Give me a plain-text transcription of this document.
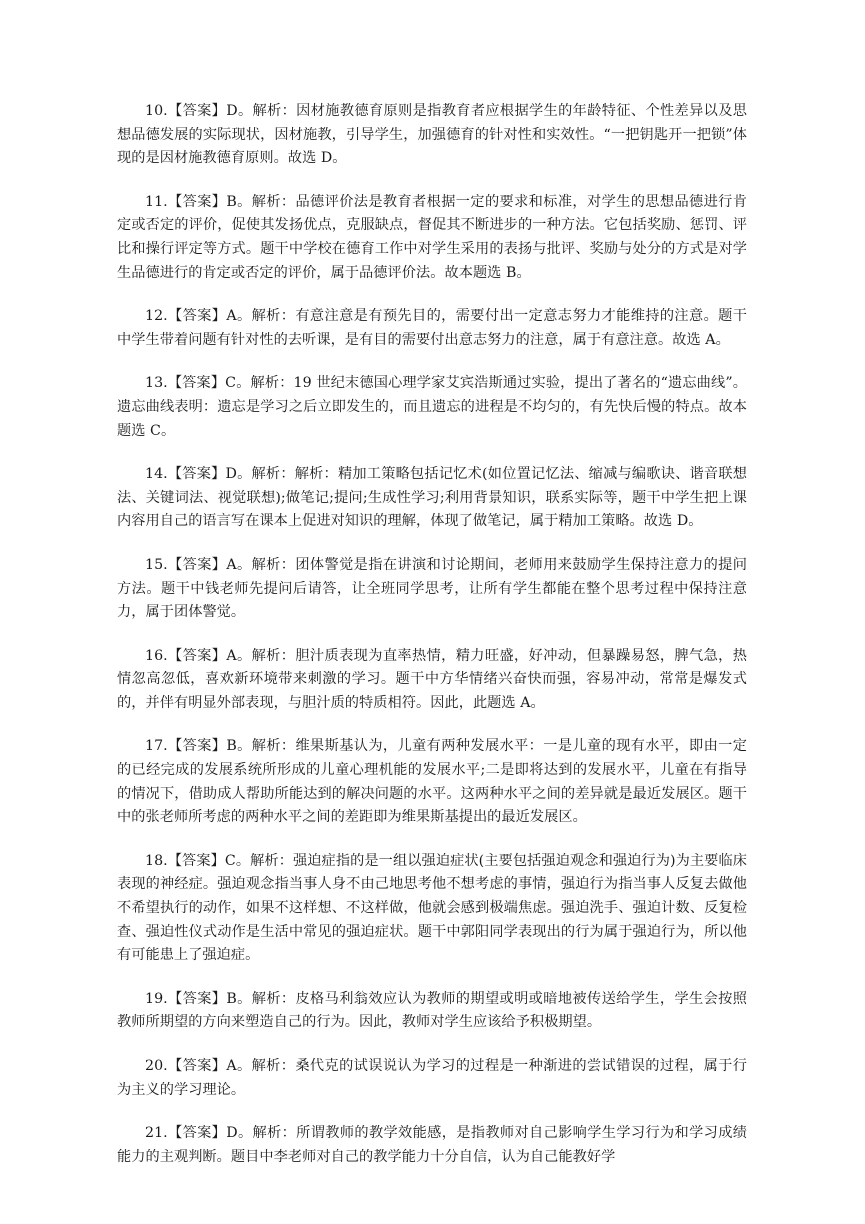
10.【答案】D。解析：因材施教德育原则是指教育者应根据学生的年龄特征、个性差异以及思想品德发展的实际现状，因材施教，引导学生，加强德育的针对性和实效性。“一把钥匙开一把锁”体现的是因材施教德育原则。故选 D。

11.【答案】B。解析：品德评价法是教育者根据一定的要求和标准，对学生的思想品德进行肯定或否定的评价，促使其发扬优点，克服缺点，督促其不断进步的一种方法。它包括奖励、惩罚、评比和操行评定等方式。题干中学校在德育工作中对学生采用的表扬与批评、奖励与处分的方式是对学生品德进行的肯定或否定的评价，属于品德评价法。故本题选 B。

12.【答案】A。解析：有意注意是有预先目的，需要付出一定意志努力才能维持的注意。题干中学生带着问题有针对性的去听课，是有目的需要付出意志努力的注意，属于有意注意。故选 A。

13.【答案】C。解析：19 世纪末德国心理学家艾宾浩斯通过实验，提出了著名的“遗忘曲线”。遗忘曲线表明：遗忘是学习之后立即发生的，而且遗忘的进程是不均匀的，有先快后慢的特点。故本题选 C。

14.【答案】D。解析：解析：精加工策略包括记忆术(如位置记忆法、缩减与编歌诀、谐音联想法、关键词法、视觉联想);做笔记;提问;生成性学习;利用背景知识，联系实际等，题干中学生把上课内容用自己的语言写在课本上促进对知识的理解，体现了做笔记，属于精加工策略。故选 D。

15.【答案】A。解析：团体警觉是指在讲演和讨论期间，老师用来鼓励学生保持注意力的提问方法。题干中钱老师先提问后请答，让全班同学思考，让所有学生都能在整个思考过程中保持注意力，属于团体警觉。

16.【答案】A。解析：胆汁质表现为直率热情，精力旺盛，好冲动，但暴躁易怒，脾气急，热情忽高忽低，喜欢新环境带来刺激的学习。题干中方华情绪兴奋快而强，容易冲动，常常是爆发式的，并伴有明显外部表现，与胆汁质的特质相符。因此，此题选 A。

17.【答案】B。解析：维果斯基认为，儿童有两种发展水平：一是儿童的现有水平，即由一定的已经完成的发展系统所形成的儿童心理机能的发展水平;二是即将达到的发展水平，儿童在有指导的情况下，借助成人帮助所能达到的解决问题的水平。这两种水平之间的差异就是最近发展区。题干中的张老师所考虑的两种水平之间的差距即为维果斯基提出的最近发展区。

18.【答案】C。解析：强迫症指的是一组以强迫症状(主要包括强迫观念和强迫行为)为主要临床表现的神经症。强迫观念指当事人身不由己地思考他不想考虑的事情，强迫行为指当事人反复去做他不希望执行的动作，如果不这样想、不这样做，他就会感到极端焦虑。强迫洗手、强迫计数、反复检查、强迫性仪式动作是生活中常见的强迫症状。题干中郭阳同学表现出的行为属于强迫行为，所以他有可能患上了强迫症。

19.【答案】B。解析：皮格马利翁效应认为教师的期望或明或暗地被传送给学生，学生会按照教师所期望的方向来塑造自己的行为。因此，教师对学生应该给予积极期望。

20.【答案】A。解析：桑代克的试误说认为学习的过程是一种渐进的尝试错误的过程，属于行为主义的学习理论。

21.【答案】D。解析：所谓教师的教学效能感，是指教师对自己影响学生学习行为和学习成绩能力的主观判断。题目中李老师对自己的教学能力十分自信，认为自己能教好学
